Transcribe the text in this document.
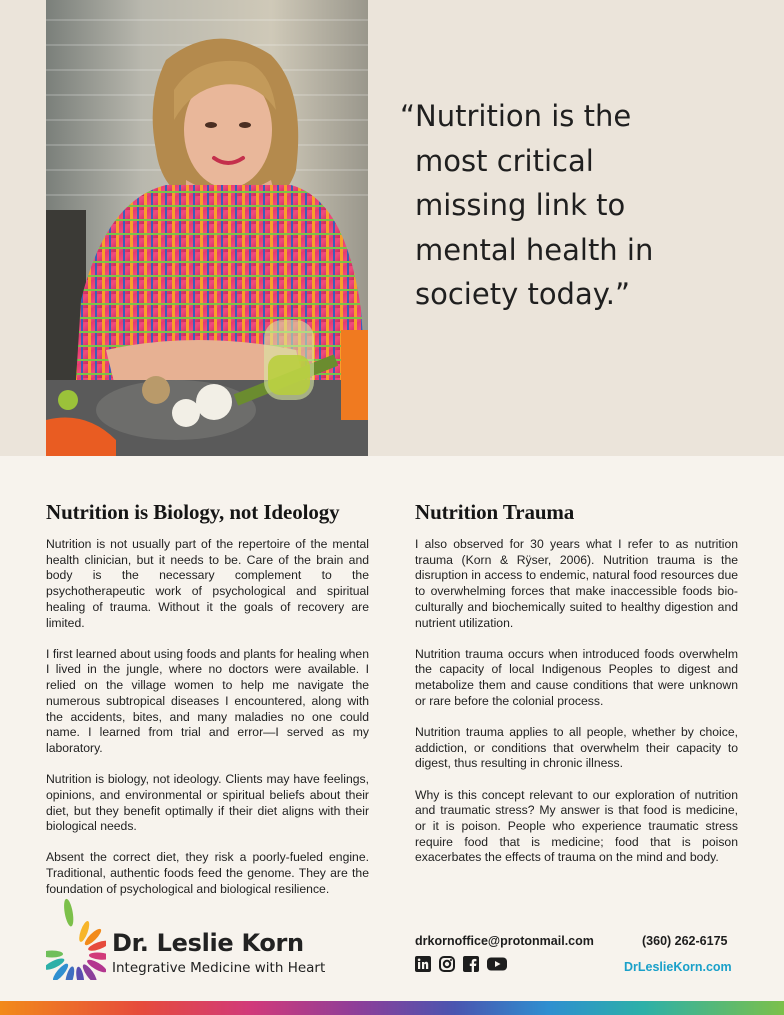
“Nutrition is the
most critical
missing link to
mental health in
society today.”
Nutrition is Biology, not Ideology

Nutrition is not usually part of the repertoire of the mental health clinician, but it needs to be. Care of the brain and body is the necessary complement to the psychotherapeutic work of psychological and spiritual healing of trauma. Without it the goals of recovery are limited.

I first learned about using foods and plants for healing when I lived in the jungle, where no doctors were available. I relied on the village women to help me navigate the numerous subtropical diseases I encountered, along with the accidents, bites, and many maladies no one could name. I learned from trial and error—I served as my laboratory.

Nutrition is biology, not ideology. Clients may have feelings, opinions, and environmental or spiritual beliefs about their diet, but they benefit optimally if their diet aligns with their biological needs.

Absent the correct diet, they risk a poorly-fueled engine. Traditional, authentic foods feed the genome. They are the foundation of psychological and biological resilience.

Nutrition Trauma

I also observed for 30 years what I refer to as nutrition trauma (Korn & Rÿser, 2006). Nutrition trauma is the disruption in access to endemic, natural food resources due to overwhelming forces that make inaccessible foods bio-culturally and biochemically suited to healthy digestion and nutrient utilization.

Nutrition trauma occurs when introduced foods overwhelm the capacity of local Indigenous Peoples to digest and metabolize them and cause conditions that were unknown or rare before the colonial process.

Nutrition trauma applies to all people, whether by choice, addiction, or conditions that overwhelm their capacity to digest, thus resulting in chronic illness.

Why is this concept relevant to our exploration of nutrition and traumatic stress? My answer is that food is medicine, or it is poison. People who experience traumatic stress require food that is medicine; food that is poison exacerbates the effects of trauma on the mind and body.

Dr. Leslie Korn
Integrative Medicine with Heart
drkornoffice@protonmail.com	(360) 262-6175
DrLeslieKorn.com
